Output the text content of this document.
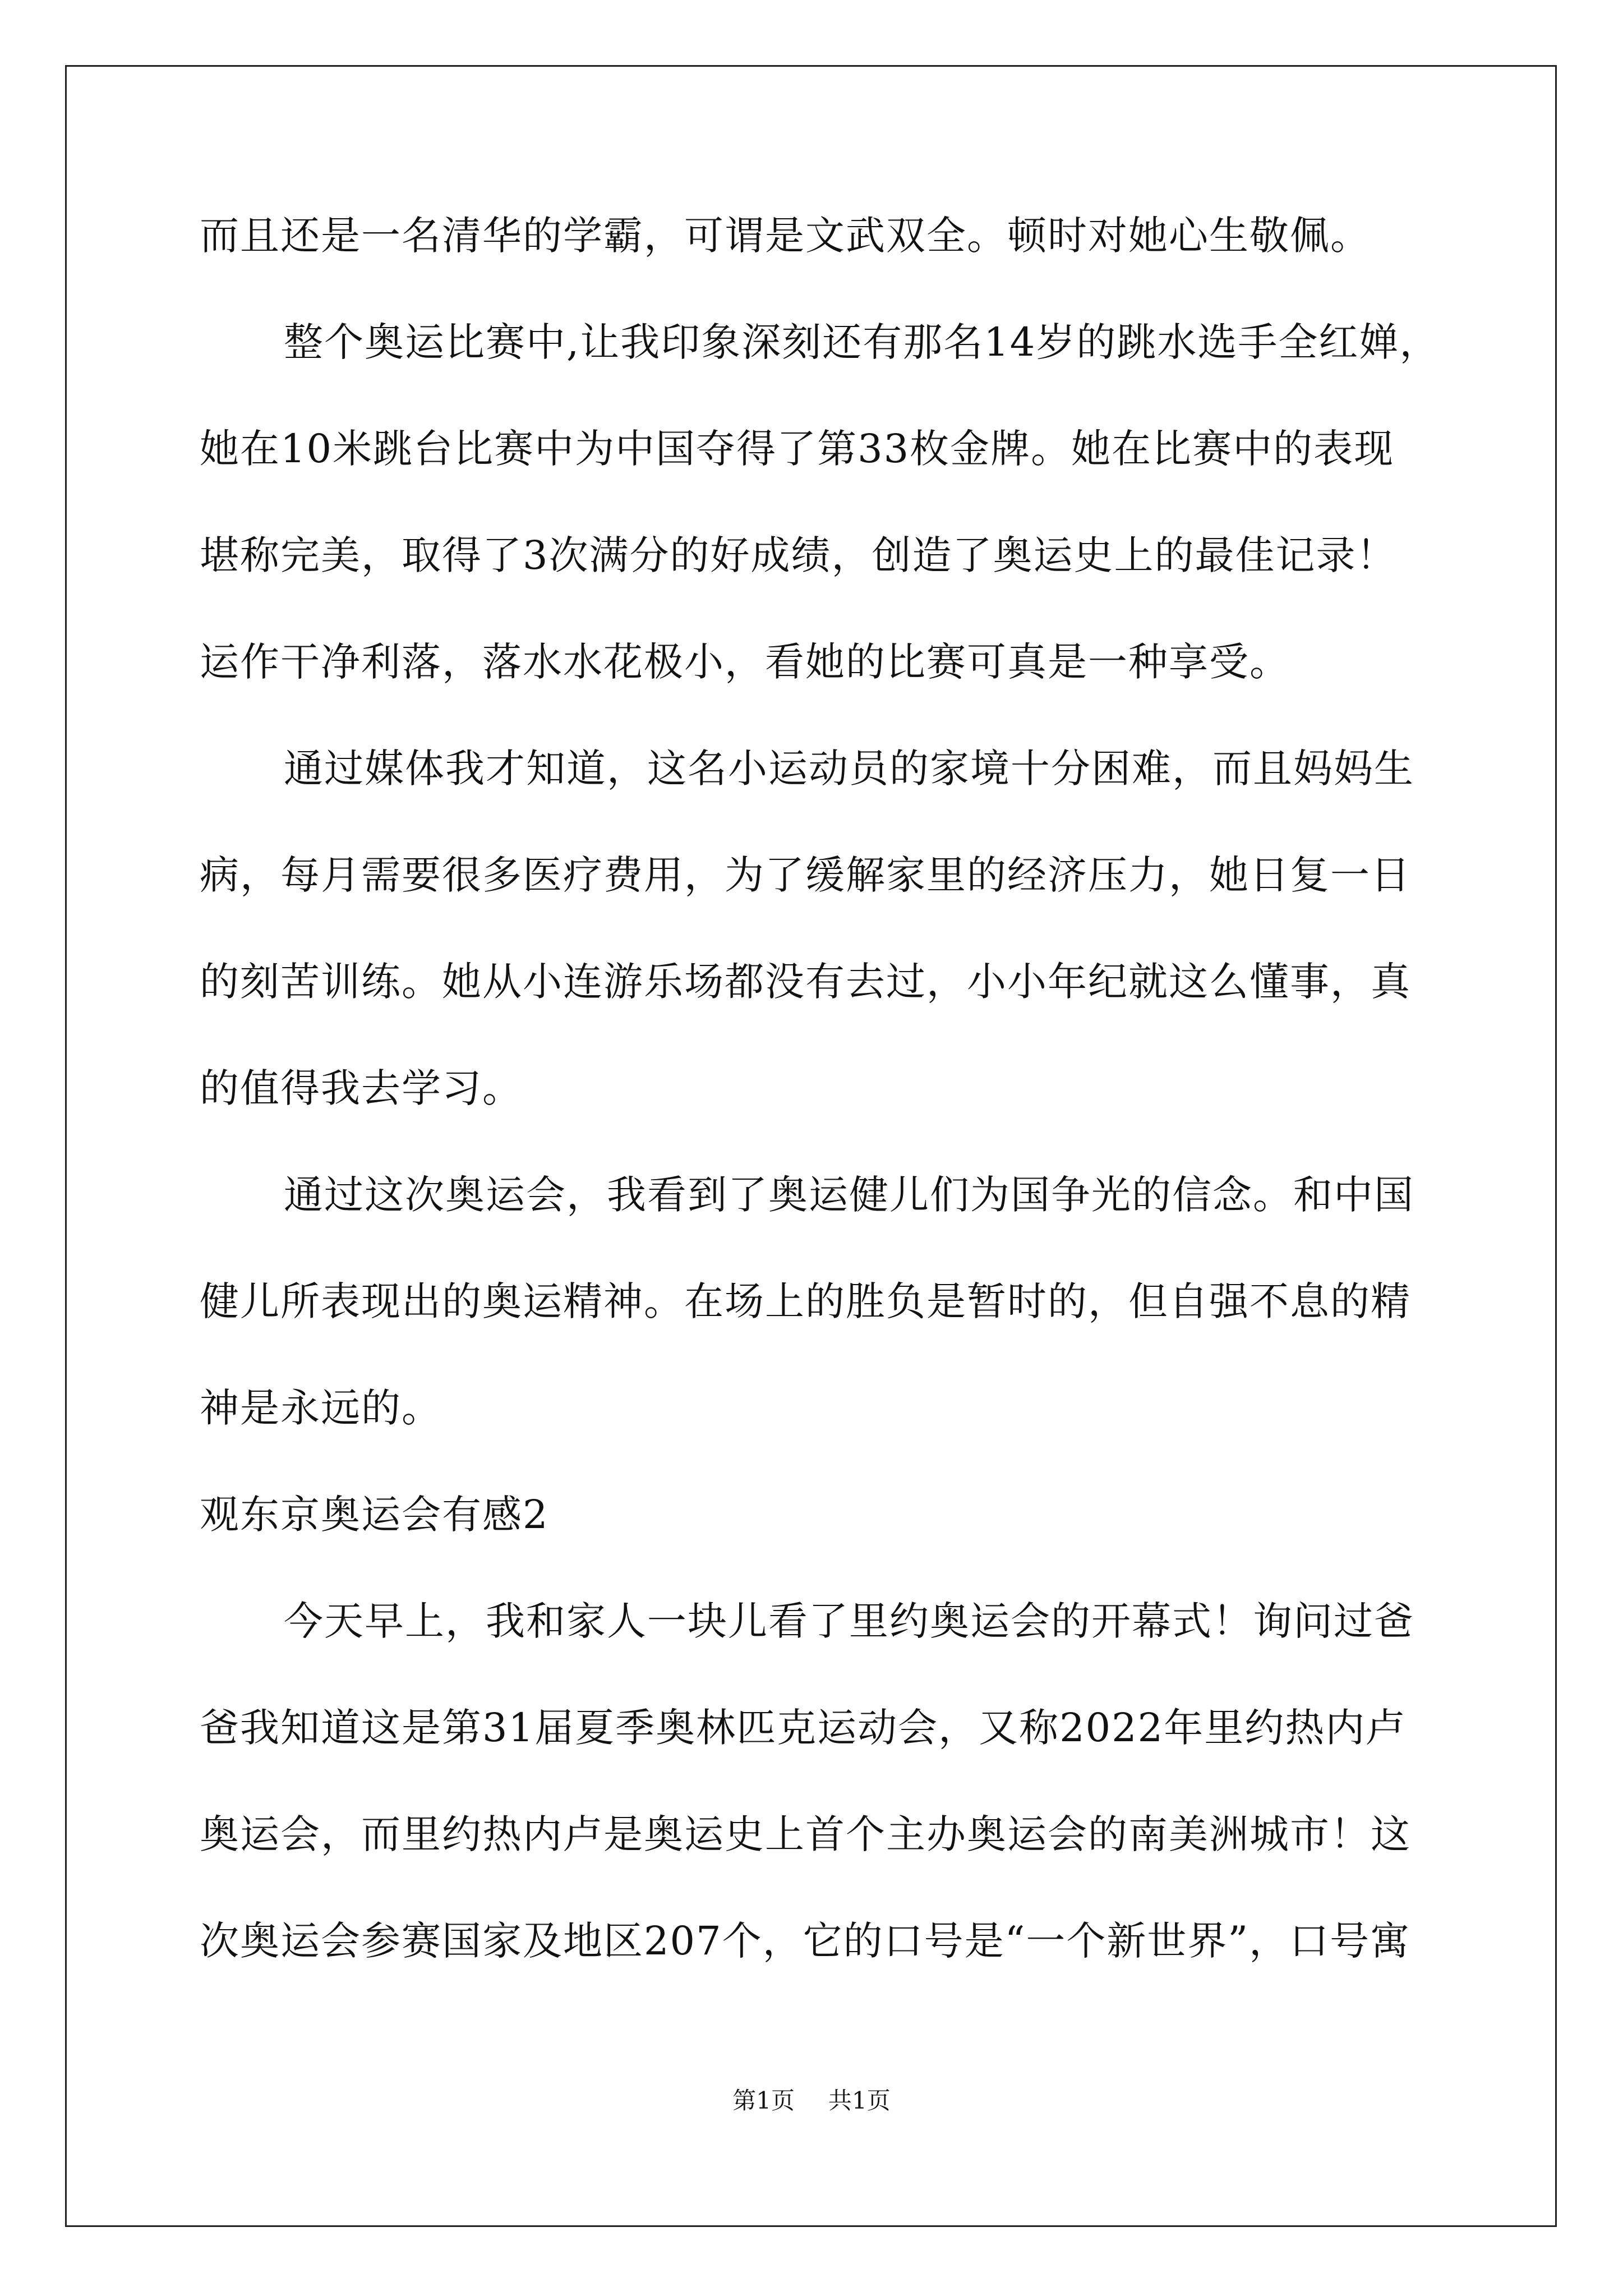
而且还是一名清华的学霸，可谓是文武双全。顿时对她心生敬佩。
整个奥运比赛中,让我印象深刻还有那名14岁的跳水选手全红婵，
她在10米跳台比赛中为中国夺得了第33枚金牌。她在比赛中的表现
堪称完美，取得了3次满分的好成绩，创造了奥运史上的最佳记录！
运作干净利落，落水水花极小，看她的比赛可真是一种享受。
通过媒体我才知道，这名小运动员的家境十分困难，而且妈妈生
病，每月需要很多医疗费用，为了缓解家里的经济压力，她日复一日
的刻苦训练。她从小连游乐场都没有去过，小小年纪就这么懂事，真
的值得我去学习。
通过这次奥运会，我看到了奥运健儿们为国争光的信念。和中国
健儿所表现出的奥运精神。在场上的胜负是暂时的，但自强不息的精
神是永远的。
观东京奥运会有感2
今天早上，我和家人一块儿看了里约奥运会的开幕式！询问过爸
爸我知道这是第31届夏季奥林匹克运动会，又称2022年里约热内卢
奥运会，而里约热内卢是奥运史上首个主办奥运会的南美洲城市！这
次奥运会参赛国家及地区207个，它的口号是“一个新世界”，口号寓
第1页 共1页
